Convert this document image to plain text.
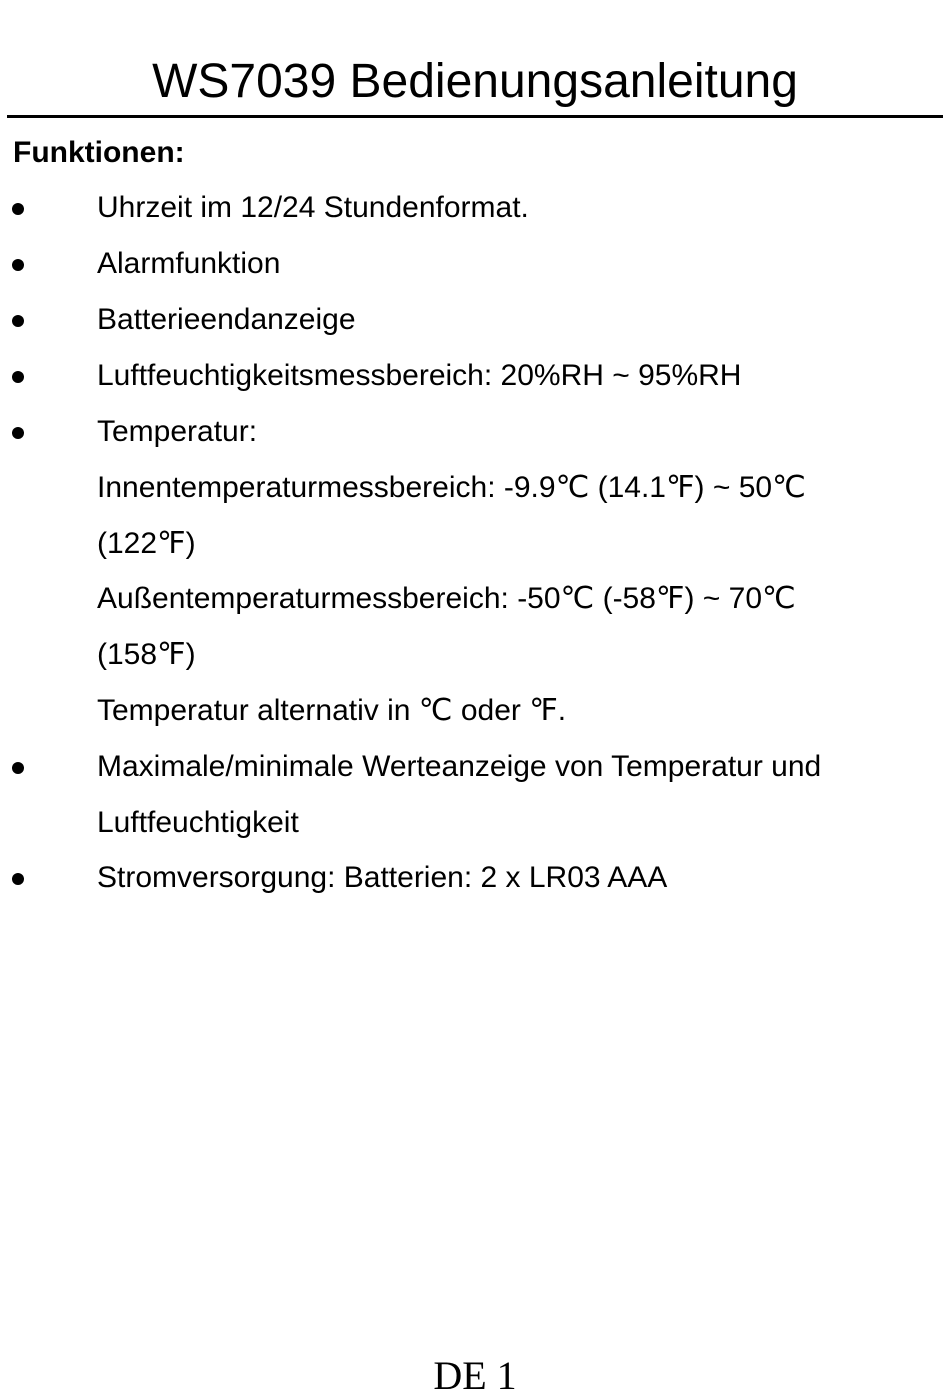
WS7039 Bedienungsanleitung
Funktionen:
Uhrzeit im 12/24 Stundenformat.
Alarmfunktion
Batterieendanzeige
Luftfeuchtigkeitsmessbereich: 20%RH ~ 95%RH
Temperatur:
Innentemperaturmessbereich: -9.9℃ (14.1℉) ~ 50℃
(122℉)
Außentemperaturmessbereich: -50℃ (-58℉) ~ 70℃
(158℉)
Temperatur alternativ in ℃ oder ℉.
Maximale/minimale Werteanzeige von Temperatur und
Luftfeuchtigkeit
Stromversorgung: Batterien: 2 x LR03 AAA
DE 1
